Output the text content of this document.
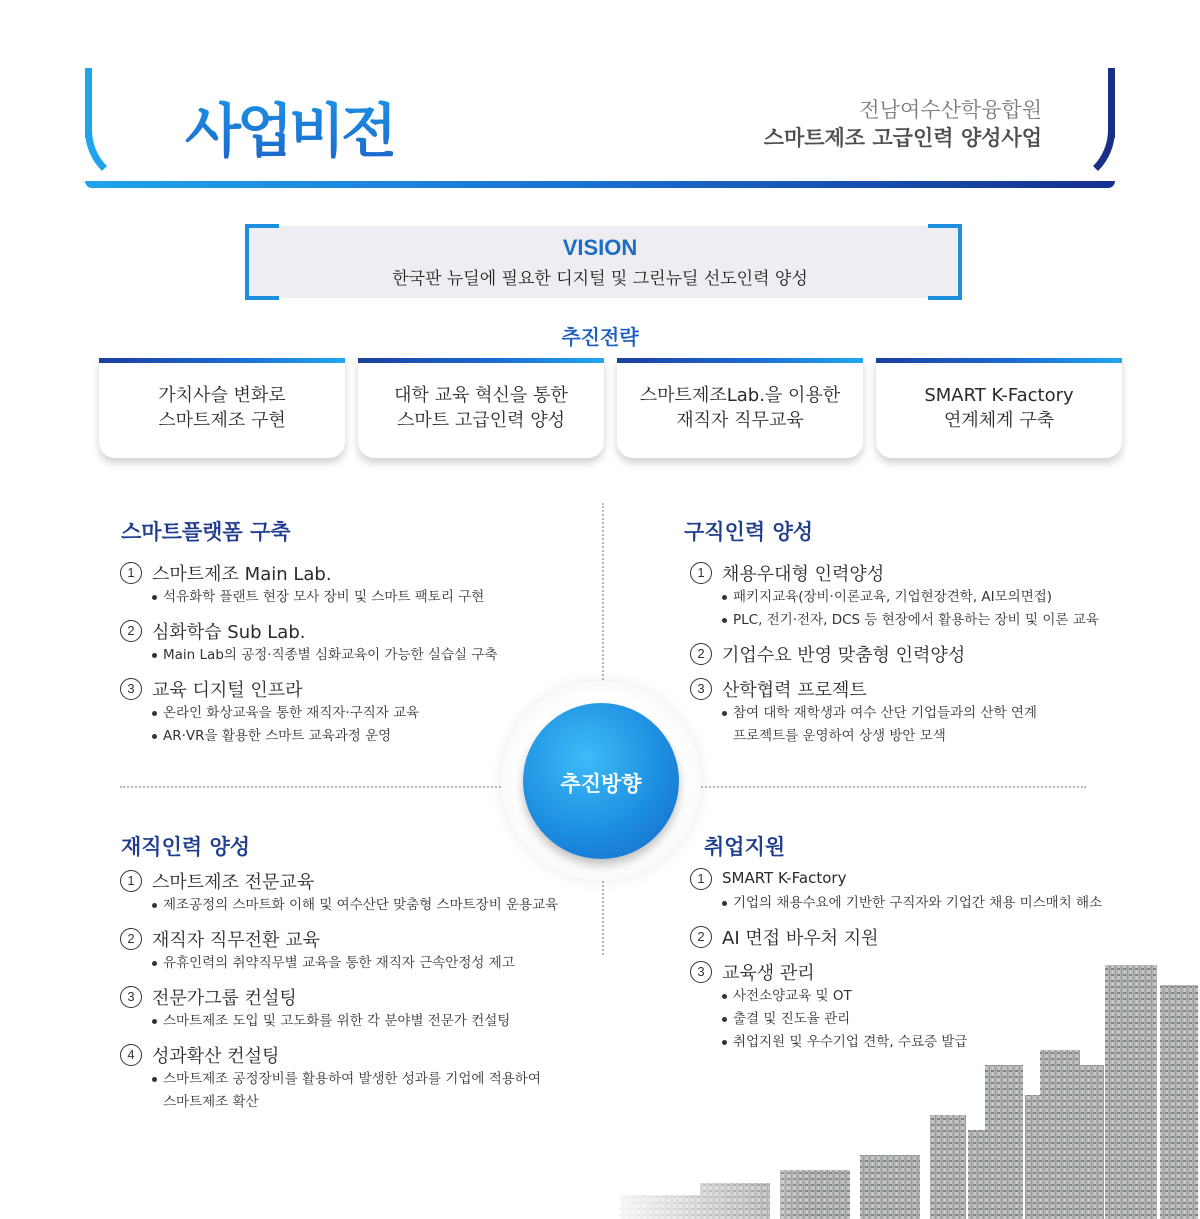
사업비전	전남여수산학융합원
스마트제조 고급인력 양성사업
VISION
한국판 뉴딜에 필요한 디지털 및 그린뉴딜 선도인력 양성
추진전략
가치사슬 변화로
스마트제조 구현
대학 교육 혁신을 통한
스마트 고급인력 양성
스마트제조Lab.을 이용한
재직자 직무교육
SMART K-Factory
연계체계 구축
추진방향
스마트플랫폼 구축
1 스마트제조 Main Lab.
석유화학 플랜트 현장 모사 장비 및 스마트 팩토리 구현
2 심화학습 Sub Lab.
Main Lab의 공정·직종별 심화교육이 가능한 실습실 구축
3 교육 디지털 인프라
온라인 화상교육을 통한 재직자·구직자 교육
AR·VR을 활용한 스마트 교육과정 운영
구직인력 양성
1 채용우대형 인력양성
패키지교육(장비·이론교육, 기업현장견학, AI모의면접)
PLC, 전기·전자, DCS 등 현장에서 활용하는 장비 및 이론 교육
2 기업수요 반영 맞춤형 인력양성
3 산학협력 프로젝트
참여 대학 재학생과 여수 산단 기업들과의 산학 연계
프로젝트를 운영하여 상생 방안 모색
재직인력 양성
1 스마트제조 전문교육
제조공정의 스마트화 이해 및 여수산단 맞춤형 스마트장비 운용교육
2 재직자 직무전환 교육
유휴인력의 취약직무별 교육을 통한 재직자 근속안정성 제고
3 전문가그룹 컨설팅
스마트제조 도입 및 고도화를 위한 각 분야별 전문가 컨설팅
4 성과확산 컨설팅
스마트제조 공정장비를 활용하여 발생한 성과를 기업에 적용하여
스마트제조 확산
취업지원
1	SMART K-Factory
기업의 채용수요에 기반한 구직자와 기업간 채용 미스매치 해소
2 AI 면접 바우처 지원
3 교육생 관리
사전소양교육 및 OT
출결 및 진도율 관리
취업지원 및 우수기업 견학, 수료증 발급
